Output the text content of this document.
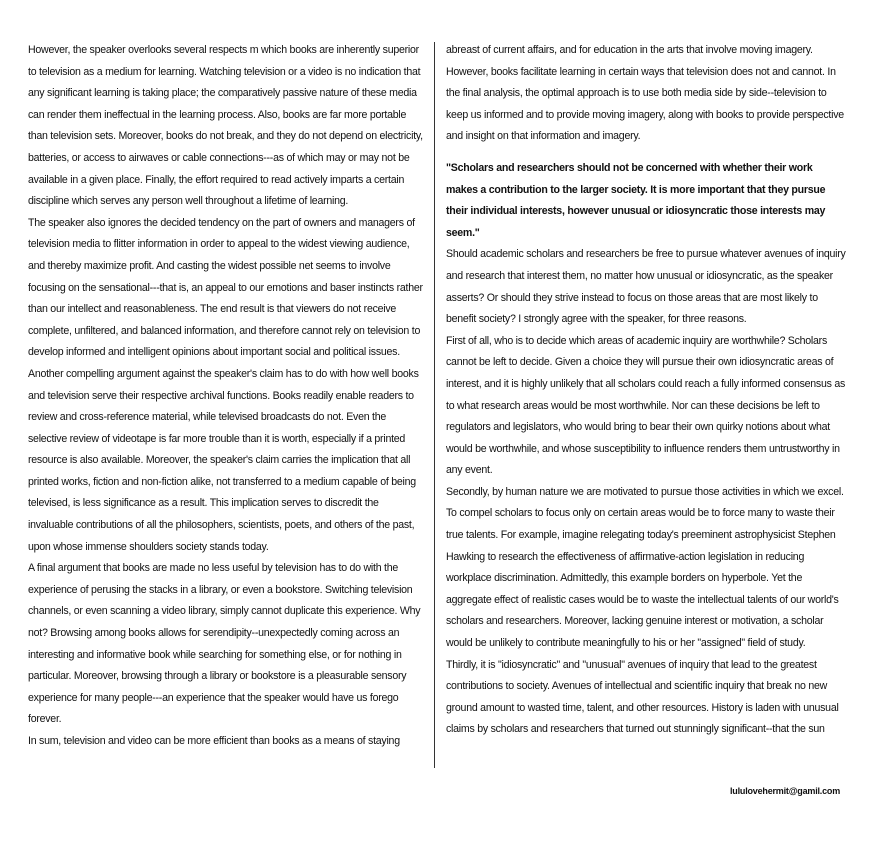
However, the speaker overlooks several respects m which books are inherently superior to television as a medium for learning. Watching television or a video is no indication that any significant learning is taking place; the comparatively passive nature of these media can render them ineffectual in the learning process. Also, books are far more portable than television sets. Moreover, books do not break, and they do not depend on electricity, batteries, or access to airwaves or cable connections---as of which may or may not be available in a given place. Finally, the effort required to read actively imparts a certain discipline which serves any person well throughout a lifetime of learning.

The speaker also ignores the decided tendency on the part of owners and managers of television media to flitter information in order to appeal to the widest viewing audience, and thereby maximize profit. And casting the widest possible net seems to involve focusing on the sensational---that is, an appeal to our emotions and baser instincts rather than our intellect and reasonableness. The end result is that viewers do not receive complete, unfiltered, and balanced information, and therefore cannot rely on television to develop informed and intelligent opinions about important social and political issues.

Another compelling argument against the speaker's claim has to do with how well books and television serve their respective archival functions. Books readily enable readers to review and cross-reference material, while televised broadcasts do not. Even the selective review of videotape is far more trouble than it is worth, especially if a printed resource is also available. Moreover, the speaker's claim carries the implication that all printed works, fiction and non-fiction alike, not transferred to a medium capable of being televised, is less significance as a result. This implication serves to discredit the invaluable contributions of all the philosophers, scientists, poets, and others of the past, upon whose immense shoulders society stands today.

A final argument that books are made no less useful by television has to do with the experience of perusing the stacks in a library, or even a bookstore. Switching television channels, or even scanning a video library, simply cannot duplicate this experience. Why not? Browsing among books allows for serendipity--unexpectedly coming across an interesting and informative book while searching for something else, or for nothing in particular. Moreover, browsing through a library or bookstore is a pleasurable sensory experience for many people---an experience that the speaker would have us forego forever.

In sum, television and video can be more efficient than books as a means of staying

abreast of current affairs, and for education in the arts that involve moving imagery. However, books facilitate learning in certain ways that television does not and cannot. In the final analysis, the optimal approach is to use both media side by side--television to keep us informed and to provide moving imagery, along with books to provide perspective and insight on that information and imagery.

"Scholars and researchers should not be concerned with whether their work makes a contribution to the larger society. It is more important that they pursue their individual interests, however unusual or idiosyncratic those interests may seem."

Should academic scholars and researchers be free to pursue whatever avenues of inquiry and research that interest them, no matter how unusual or idiosyncratic, as the speaker asserts? Or should they strive instead to focus on those areas that are most likely to benefit society? I strongly agree with the speaker, for three reasons.

First of all, who is to decide which areas of academic inquiry are worthwhile? Scholars cannot be left to decide. Given a choice they will pursue their own idiosyncratic areas of interest, and it is highly unlikely that all scholars could reach a fully informed consensus as to what research areas would be most worthwhile. Nor can these decisions be left to regulators and legislators, who would bring to bear their own quirky notions about what would be worthwhile, and whose susceptibility to influence renders them untrustworthy in any event.

Secondly, by human nature we are motivated to pursue those activities in which we excel. To compel scholars to focus only on certain areas would be to force many to waste their true talents. For example, imagine relegating today's preeminent astrophysicist Stephen Hawking to research the effectiveness of affirmative-action legislation in reducing workplace discrimination. Admittedly, this example borders on hyperbole. Yet the aggregate effect of realistic cases would be to waste the intellectual talents of our world's scholars and researchers. Moreover, lacking genuine interest or motivation, a scholar would be unlikely to contribute meaningfully to his or her "assigned" field of study.

Thirdly, it is "idiosyncratic" and "unusual" avenues of inquiry that lead to the greatest contributions to society. Avenues of intellectual and scientific inquiry that break no new ground amount to wasted time, talent, and other resources. History is laden with unusual claims by scholars and researchers that turned out stunningly significant--that the sun

lululovehermit@gamil.com
